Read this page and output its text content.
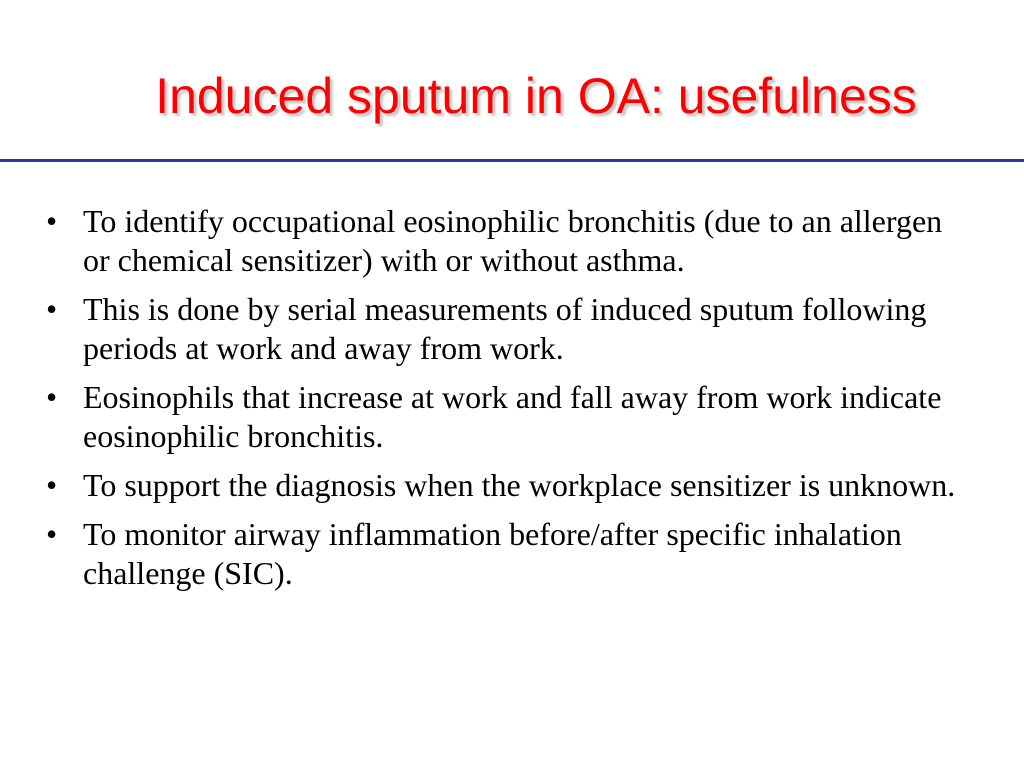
Induced sputum in OA: usefulness
• To identify occupational eosinophilic bronchitis (due to an allergen or chemical sensitizer) with or without asthma.
• This is done by serial measurements of induced sputum following periods at work and away from work.
• Eosinophils that increase at work and fall away from work indicate eosinophilic bronchitis.
• To support the diagnosis when the workplace sensitizer is unknown.
• To monitor airway inflammation before/after specific inhalation challenge (SIC).
